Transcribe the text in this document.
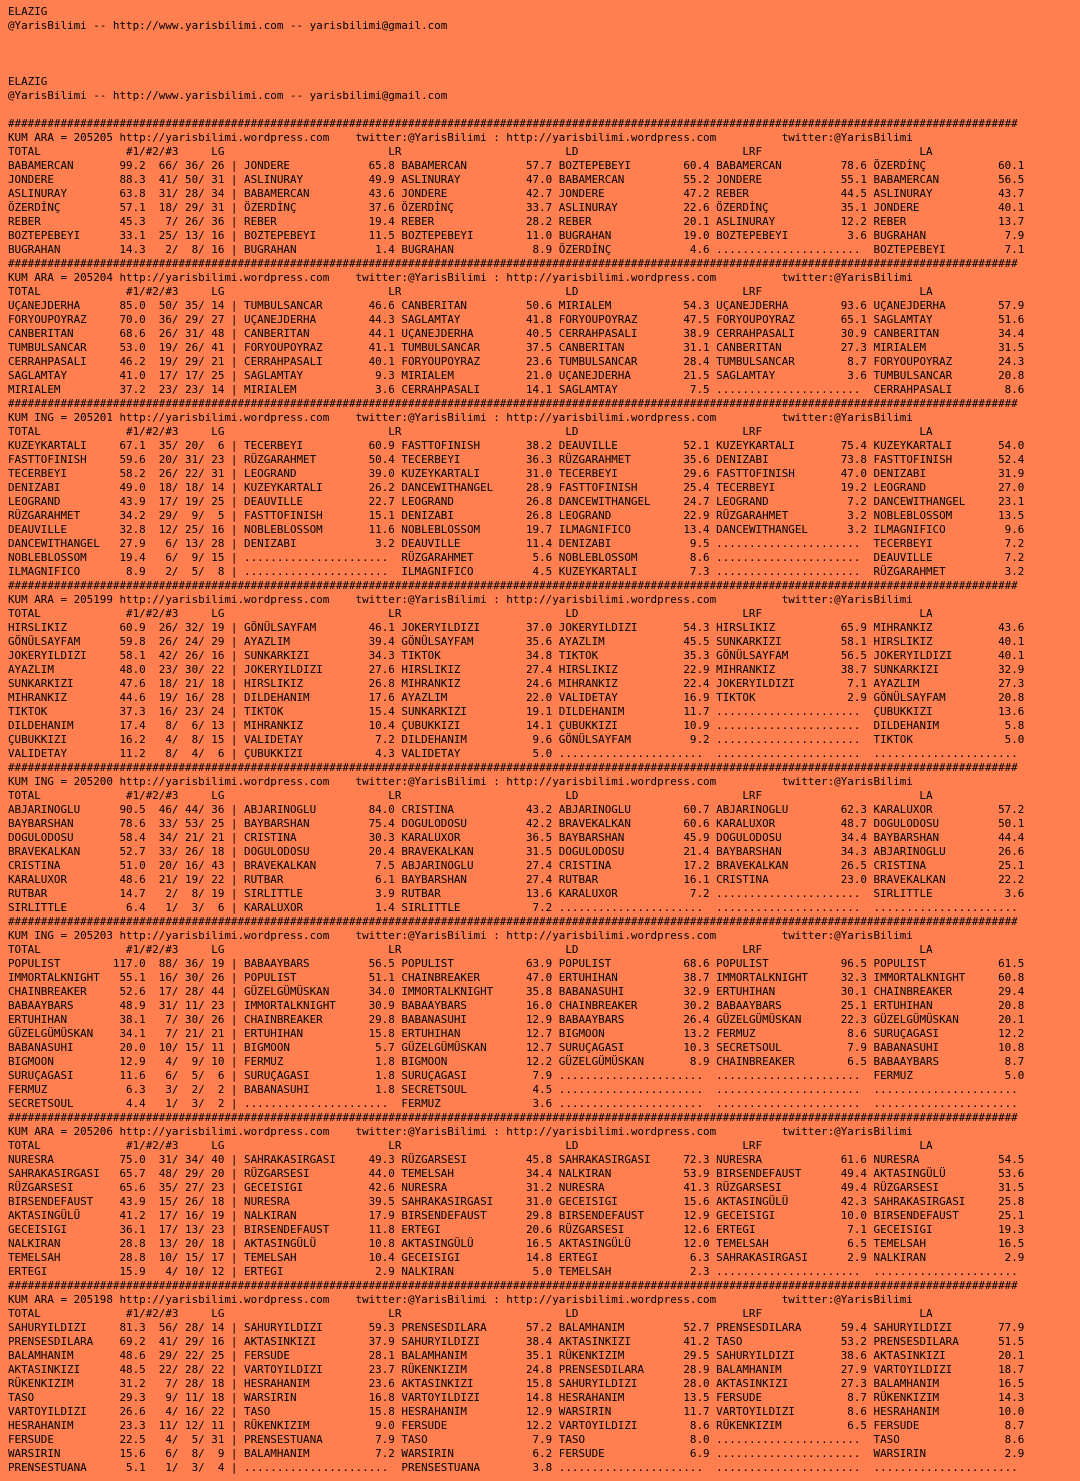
ELAZIG
@YarisBilimi -- http://www.yarisbilimi.com -- yarisbilimi@gmail.com

ELAZIG
@YarisBilimi -- http://www.yarisbilimi.com -- yarisbilimi@gmail.com

##########################################################################################################################################################
KUM ARA = 205205 http://yarisbilimi.wordpress.com    twitter:@YarisBilimi : http://yarisbilimi.wordpress.com          twitter:@YarisBilimi
TOTAL             #1/#2/#3     LG                         LR                         LD                         LRF                        LA
BABAMERCAN       99.2  66/ 36/ 26 | JONDERE            65.8 BABAMERCAN         57.7 BOZTEPEBEYI        60.4 BABAMERCAN         78.6 ÖZERDİNÇ           60.1
JONDERE          88.3  41/ 50/ 31 | ASLINURAY          49.9 ASLINURAY          47.0 BABAMERCAN         55.2 JONDERE            55.1 BABAMERCAN         56.5
ASLINURAY        63.8  31/ 28/ 34 | BABAMERCAN         43.6 JONDERE            42.7 JONDERE            47.2 REBER              44.5 ASLINURAY          43.7
ÖZERDİNÇ         57.1  18/ 29/ 31 | ÖZERDİNÇ           37.6 ÖZERDİNÇ           33.7 ASLINURAY          22.6 ÖZERDİNÇ           35.1 JONDERE            40.1
REBER            45.3   7/ 26/ 36 | REBER              19.4 REBER              28.2 REBER              20.1 ASLINURAY          12.2 REBER              13.7
BOZTEPEBEYI      33.1  25/ 13/ 16 | BOZTEPEBEYI        11.5 BOZTEPEBEYI        11.0 BUGRAHAN           19.0 BOZTEPEBEYI         3.6 BUGRAHAN            7.9
BUGRAHAN         14.3   2/  8/ 16 | BUGRAHAN            1.4 BUGRAHAN            8.9 ÖZERDİNÇ            4.6 ......................  BOZTEPEBEYI         7.1
##########################################################################################################################################################
KUM ARA = 205204 http://yarisbilimi.wordpress.com    twitter:@YarisBilimi : http://yarisbilimi.wordpress.com          twitter:@YarisBilimi
TOTAL             #1/#2/#3     LG                         LR                         LD                         LRF                        LA
UÇANEJDERHA      85.0  50/ 35/ 14 | TUMBULSANCAR       46.6 CANBERITAN         50.6 MIRIALEM           54.3 UÇANEJDERHA        93.6 UÇANEJDERHA        57.9
FORYOUPOYRAZ     70.0  36/ 29/ 27 | UÇANEJDERHA        44.3 SAGLAMTAY          41.8 FORYOUPOYRAZ       47.5 FORYOUPOYRAZ       65.1 SAGLAMTAY          51.6
CANBERITAN       68.6  26/ 31/ 48 | CANBERITAN         44.1 UÇANEJDERHA        40.5 CERRAHPASALI       38.9 CERRAHPASALI       30.9 CANBERITAN         34.4
TUMBULSANCAR     53.0  19/ 26/ 41 | FORYOUPOYRAZ       41.1 TUMBULSANCAR       37.5 CANBERITAN         31.1 CANBERITAN         27.3 MIRIALEM           31.5
CERRAHPASALI     46.2  19/ 29/ 21 | CERRAHPASALI       40.1 FORYOUPOYRAZ       23.6 TUMBULSANCAR       28.4 TUMBULSANCAR        8.7 FORYOUPOYRAZ       24.3
SAGLAMTAY        41.0  17/ 17/ 25 | SAGLAMTAY           9.3 MIRIALEM           21.0 UÇANEJDERHA        21.5 SAGLAMTAY           3.6 TUMBULSANCAR       20.8
MIRIALEM         37.2  23/ 23/ 14 | MIRIALEM            3.6 CERRAHPASALI       14.1 SAGLAMTAY           7.5 ......................  CERRAHPASALI        8.6
##########################################################################################################################################################
KUM ING = 205201 http://yarisbilimi.wordpress.com    twitter:@YarisBilimi : http://yarisbilimi.wordpress.com          twitter:@YarisBilimi
TOTAL             #1/#2/#3     LG                         LR                         LD                         LRF                        LA
KUZEYKARTALI     67.1  35/ 20/  6 | TECERBEYI          60.9 FASTTOFINISH       38.2 DEAUVILLE          52.1 KUZEYKARTALI       75.4 KUZEYKARTALI       54.0
FASTTOFINISH     59.6  20/ 31/ 23 | RÜZGARAHMET        50.4 TECERBEYI          36.3 RÜZGARAHMET        35.6 DENIZABI           73.8 FASTTOFINISH       52.4
TECERBEYI        58.2  26/ 22/ 31 | LEOGRAND           39.0 KUZEYKARTALI       31.0 TECERBEYI          29.6 FASTTOFINISH       47.0 DENIZABI           31.9
DENIZABI         49.0  18/ 18/ 14 | KUZEYKARTALI       26.2 DANCEWITHANGEL     28.9 FASTTOFINISH       25.4 TECERBEYI          19.2 LEOGRAND           27.0
LEOGRAND         43.9  17/ 19/ 25 | DEAUVILLE          22.7 LEOGRAND           26.8 DANCEWITHANGEL     24.7 LEOGRAND            7.2 DANCEWITHANGEL     23.1
RÜZGARAHMET      34.2  29/  9/  5 | FASTTOFINISH       15.1 DENIZABI           26.8 LEOGRAND           22.9 RÜZGARAHMET         3.2 NOBLEBLOSSOM       13.5
DEAUVILLE        32.8  12/ 25/ 16 | NOBLEBLOSSOM       11.6 NOBLEBLOSSOM       19.7 ILMAGNIFICO        13.4 DANCEWITHANGEL      3.2 ILMAGNIFICO         9.6
DANCEWITHANGEL   27.9   6/ 13/ 28 | DENIZABI            3.2 DEAUVILLE          11.4 DENIZABI            9.5 ......................  TECERBEYI           7.2
NOBLEBLOSSOM     19.4   6/  9/ 15 | ......................  RÜZGARAHMET         5.6 NOBLEBLOSSOM        8.6 ......................  DEAUVILLE           7.2
ILMAGNIFICO       8.9   2/  5/  8 | ......................  ILMAGNIFICO         4.5 KUZEYKARTALI        7.3 ......................  RÜZGARAHMET         3.2
##########################################################################################################################################################
KUM ARA = 205199 http://yarisbilimi.wordpress.com    twitter:@YarisBilimi : http://yarisbilimi.wordpress.com          twitter:@YarisBilimi
TOTAL             #1/#2/#3     LG                         LR                         LD                         LRF                        LA
HIRSLIKIZ        60.9  26/ 32/ 19 | GÖNÜLSAYFAM        46.1 JOKERYILDIZI       37.0 JOKERYILDIZI       54.3 HIRSLIKIZ          65.9 MIHRANKIZ          43.6
GÖNÜLSAYFAM      59.8  26/ 24/ 29 | AYAZLIM            39.4 GÖNÜLSAYFAM        35.6 AYAZLIM            45.5 SUNKARKIZI         58.1 HIRSLIKIZ          40.1
JOKERYILDIZI     58.1  42/ 26/ 16 | SUNKARKIZI         34.3 TIKTOK             34.8 TIKTOK             35.3 GÖNÜLSAYFAM        56.5 JOKERYILDIZI       40.1
AYAZLIM          48.0  23/ 30/ 22 | JOKERYILDIZI       27.6 HIRSLIKIZ          27.4 HIRSLIKIZ          22.9 MIHRANKIZ          38.7 SUNKARKIZI         32.9
SUNKARKIZI       47.6  18/ 21/ 18 | HIRSLIKIZ          26.8 MIHRANKIZ          24.6 MIHRANKIZ          22.4 JOKERYILDIZI        7.1 AYAZLIM            27.3
MIHRANKIZ        44.6  19/ 16/ 28 | DILDEHANIM         17.6 AYAZLIM            22.0 VALIDETAY          16.9 TIKTOK              2.9 GÖNÜLSAYFAM        20.8
TIKTOK           37.3  16/ 23/ 24 | TIKTOK             15.4 SUNKARKIZI         19.1 DILDEHANIM         11.7 ......................  ÇUBUKKIZI          13.6
DILDEHANIM       17.4   8/  6/ 13 | MIHRANKIZ          10.4 ÇUBUKKIZI          14.1 ÇUBUKKIZI          10.9 ......................  DILDEHANIM          5.8
ÇUBUKKIZI        16.2   4/  8/ 15 | VALIDETAY           7.2 DILDEHANIM          9.6 GÖNÜLSAYFAM         9.2 ......................  TIKTOK              5.0
VALIDETAY        11.2   8/  4/  6 | ÇUBUKKIZI           4.3 VALIDETAY           5.0 ......................  ......................  ......................
##########################################################################################################################################################
KUM ING = 205200 http://yarisbilimi.wordpress.com    twitter:@YarisBilimi : http://yarisbilimi.wordpress.com          twitter:@YarisBilimi
TOTAL             #1/#2/#3     LG                         LR                         LD                         LRF                        LA
ABJARINOGLU      90.5  46/ 44/ 36 | ABJARINOGLU        84.0 CRISTINA           43.2 ABJARINOGLU        60.7 ABJARINOGLU        62.3 KARALUXOR          57.2
BAYBARSHAN       78.6  33/ 53/ 25 | BAYBARSHAN         75.4 DOGULODOSU         42.2 BRAVEKALKAN        60.6 KARALUXOR          48.7 DOGULODOSU         50.1
DOGULODOSU       58.4  34/ 21/ 21 | CRISTINA           30.3 KARALUXOR          36.5 BAYBARSHAN         45.9 DOGULODOSU         34.4 BAYBARSHAN         44.4
BRAVEKALKAN      52.7  33/ 26/ 18 | DOGULODOSU         20.4 BRAVEKALKAN        31.5 DOGULODOSU         21.4 BAYBARSHAN         34.3 ABJARINOGLU        26.6
CRISTINA         51.0  20/ 16/ 43 | BRAVEKALKAN         7.5 ABJARINOGLU        27.4 CRISTINA           17.2 BRAVEKALKAN        26.5 CRISTINA           25.1
KARALUXOR        48.6  21/ 19/ 22 | RUTBAR              6.1 BAYBARSHAN         27.4 RUTBAR             16.1 CRISTINA           23.0 BRAVEKALKAN        22.2
RUTBAR           14.7   2/  8/ 19 | SIRLITTLE           3.9 RUTBAR             13.6 KARALUXOR           7.2 ......................  SIRLITTLE           3.6
SIRLITTLE         6.4   1/  3/  6 | KARALUXOR           1.4 SIRLITTLE           7.2 ......................  ......................  ......................
##########################################################################################################################################################
KUM ING = 205203 http://yarisbilimi.wordpress.com    twitter:@YarisBilimi : http://yarisbilimi.wordpress.com          twitter:@YarisBilimi
TOTAL             #1/#2/#3     LG                         LR                         LD                         LRF                        LA
POPULIST        117.0  88/ 36/ 19 | BABAAYBARS         56.5 POPULIST           63.9 POPULIST           68.6 POPULIST           96.5 POPULIST           61.5
IMMORTALKNIGHT   55.1  16/ 30/ 26 | POPULIST           51.1 CHAINBREAKER       47.0 ERTUHIHAN          38.7 IMMORTALKNIGHT     32.3 IMMORTALKNIGHT     60.8
CHAINBREAKER     52.6  17/ 28/ 44 | GÜZELGÜMÜSKAN      34.0 IMMORTALKNIGHT     35.8 BABANASUHI         32.9 ERTUHIHAN          30.1 CHAINBREAKER       29.4
BABAAYBARS       48.9  31/ 11/ 23 | IMMORTALKNIGHT     30.9 BABAAYBARS         16.0 CHAINBREAKER       30.2 BABAAYBARS         25.1 ERTUHIHAN          20.8
ERTUHIHAN        38.1   7/ 30/ 26 | CHAINBREAKER       29.8 BABANASUHI         12.9 BABAAYBARS         26.4 GÜZELGÜMÜSKAN      22.3 GÜZELGÜMÜSKAN      20.1
GÜZELGÜMÜSKAN    34.1   7/ 21/ 21 | ERTUHIHAN          15.8 ERTUHIHAN          12.7 BIGMOON            13.2 FERMUZ              8.6 SURUÇAGASI         12.2
BABANASUHI       20.0  10/ 15/ 11 | BIGMOON             5.7 GÜZELGÜMÜSKAN      12.7 SURUÇAGASI         10.3 SECRETSOUL          7.9 BABANASUHI         10.8
BIGMOON          12.9   4/  9/ 10 | FERMUZ              1.8 BIGMOON            12.2 GÜZELGÜMÜSKAN       8.9 CHAINBREAKER        6.5 BABAAYBARS          8.7
SURUÇAGASI       11.6   6/  5/  6 | SURUÇAGASI          1.8 SURUÇAGASI          7.9 ......................  ......................  FERMUZ              5.0
FERMUZ            6.3   3/  2/  2 | BABANASUHI          1.8 SECRETSOUL          4.5 ......................  ......................  ......................
SECRETSOUL        4.4   1/  3/  2 | ......................  FERMUZ              3.6 ......................  ......................  ......................
##########################################################################################################################################################
KUM ARA = 205206 http://yarisbilimi.wordpress.com    twitter:@YarisBilimi : http://yarisbilimi.wordpress.com          twitter:@YarisBilimi
TOTAL             #1/#2/#3     LG                         LR                         LD                         LRF                        LA
NURESRA          75.0  31/ 34/ 40 | SAHRAKASIRGASI     49.3 RÜZGARSESI         45.8 SAHRAKASIRGASI     72.3 NURESRA            61.6 NURESRA            54.5
SAHRAKASIRGASI   65.7  48/ 29/ 20 | RÜZGARSESI         44.0 TEMELSAH           34.4 NALKIRAN           53.9 BIRSENDEFAUST      49.4 AKTASINGÜLÜ        53.6
RÜZGARSESI       65.6  35/ 27/ 23 | GECEISIGI          42.6 NURESRA            31.2 NURESRA            41.3 RÜZGARSESI         49.4 RÜZGARSESI         31.5
BIRSENDEFAUST    43.9  15/ 26/ 18 | NURESRA            39.5 SAHRAKASIRGASI     31.0 GECEISIGI          15.6 AKTASINGÜLÜ        42.3 SAHRAKASIRGASI     25.8
AKTASINGÜLÜ      41.2  17/ 16/ 19 | NALKIRAN           17.9 BIRSENDEFAUST      29.8 BIRSENDEFAUST      12.9 GECEISIGI          10.0 BIRSENDEFAUST      25.1
GECEISIGI        36.1  17/ 13/ 23 | BIRSENDEFAUST      11.8 ERTEGI             20.6 RÜZGARSESI         12.6 ERTEGI              7.1 GECEISIGI          19.3
NALKIRAN         28.8  13/ 20/ 18 | AKTASINGÜLÜ        10.8 AKTASINGÜLÜ        16.5 AKTASINGÜLÜ        12.0 TEMELSAH            6.5 TEMELSAH           16.5
TEMELSAH         28.8  10/ 15/ 17 | TEMELSAH           10.4 GECEISIGI          14.8 ERTEGI              6.3 SAHRAKASIRGASI      2.9 NALKIRAN            2.9
ERTEGI           15.9   4/ 10/ 12 | ERTEGI              2.9 NALKIRAN            5.0 TEMELSAH            2.3 ......................  ......................
##########################################################################################################################################################
KUM ARA = 205198 http://yarisbilimi.wordpress.com    twitter:@YarisBilimi : http://yarisbilimi.wordpress.com          twitter:@YarisBilimi
TOTAL             #1/#2/#3     LG                         LR                         LD                         LRF                        LA
SAHURYILDIZI     81.3  56/ 28/ 14 | SAHURYILDIZI       59.3 PRENSESDILARA      57.2 BALAMHANIM         52.7 PRENSESDILARA      59.4 SAHURYILDIZI       77.9
PRENSESDILARA    69.2  41/ 29/ 16 | AKTASINKIZI        37.9 SAHURYILDIZI       38.4 AKTASINKIZI        41.2 TASO               53.2 PRENSESDILARA      51.5
BALAMHANIM       48.6  29/ 22/ 25 | FERSUDE            28.1 BALAMHANIM         35.1 RÜKENKIZIM         29.5 SAHURYILDIZI       38.6 AKTASINKIZI        20.1
AKTASINKIZI      48.5  22/ 28/ 22 | VARTOYILDIZI       23.7 RÜKENKIZIM         24.8 PRENSESDILARA      28.9 BALAMHANIM         27.9 VARTOYILDIZI       18.7
RÜKENKIZIM       31.2   7/ 28/ 18 | HESRAHANIM         23.6 AKTASINKIZI        15.8 SAHURYILDIZI       28.0 AKTASINKIZI        27.3 BALAMHANIM         16.5
TASO             29.3   9/ 11/ 18 | WARSIRIN           16.8 VARTOYILDIZI       14.8 HESRAHANIM         13.5 FERSUDE             8.7 RÜKENKIZIM         14.3
VARTOYILDIZI     26.6   4/ 16/ 22 | TASO               15.8 HESRAHANIM         12.9 WARSIRIN           11.7 VARTOYILDIZI        8.6 HESRAHANIM         10.0
HESRAHANIM       23.3  11/ 12/ 11 | RÜKENKIZIM          9.0 FERSUDE            12.2 VARTOYILDIZI        8.6 RÜKENKIZIM          6.5 FERSUDE             8.7
FERSUDE          22.5   4/  5/ 31 | PRENSESTUANA        7.9 TASO                7.9 TASO                8.0 ......................  TASO                8.6
WARSIRIN         15.6   6/  8/  9 | BALAMHANIM          7.2 WARSIRIN            6.2 FERSUDE             6.9 ......................  WARSIRIN            2.9
PRENSESTUANA      5.1   1/  3/  4 | ......................  PRENSESTUANA        3.8 ......................  ......................  ......................
